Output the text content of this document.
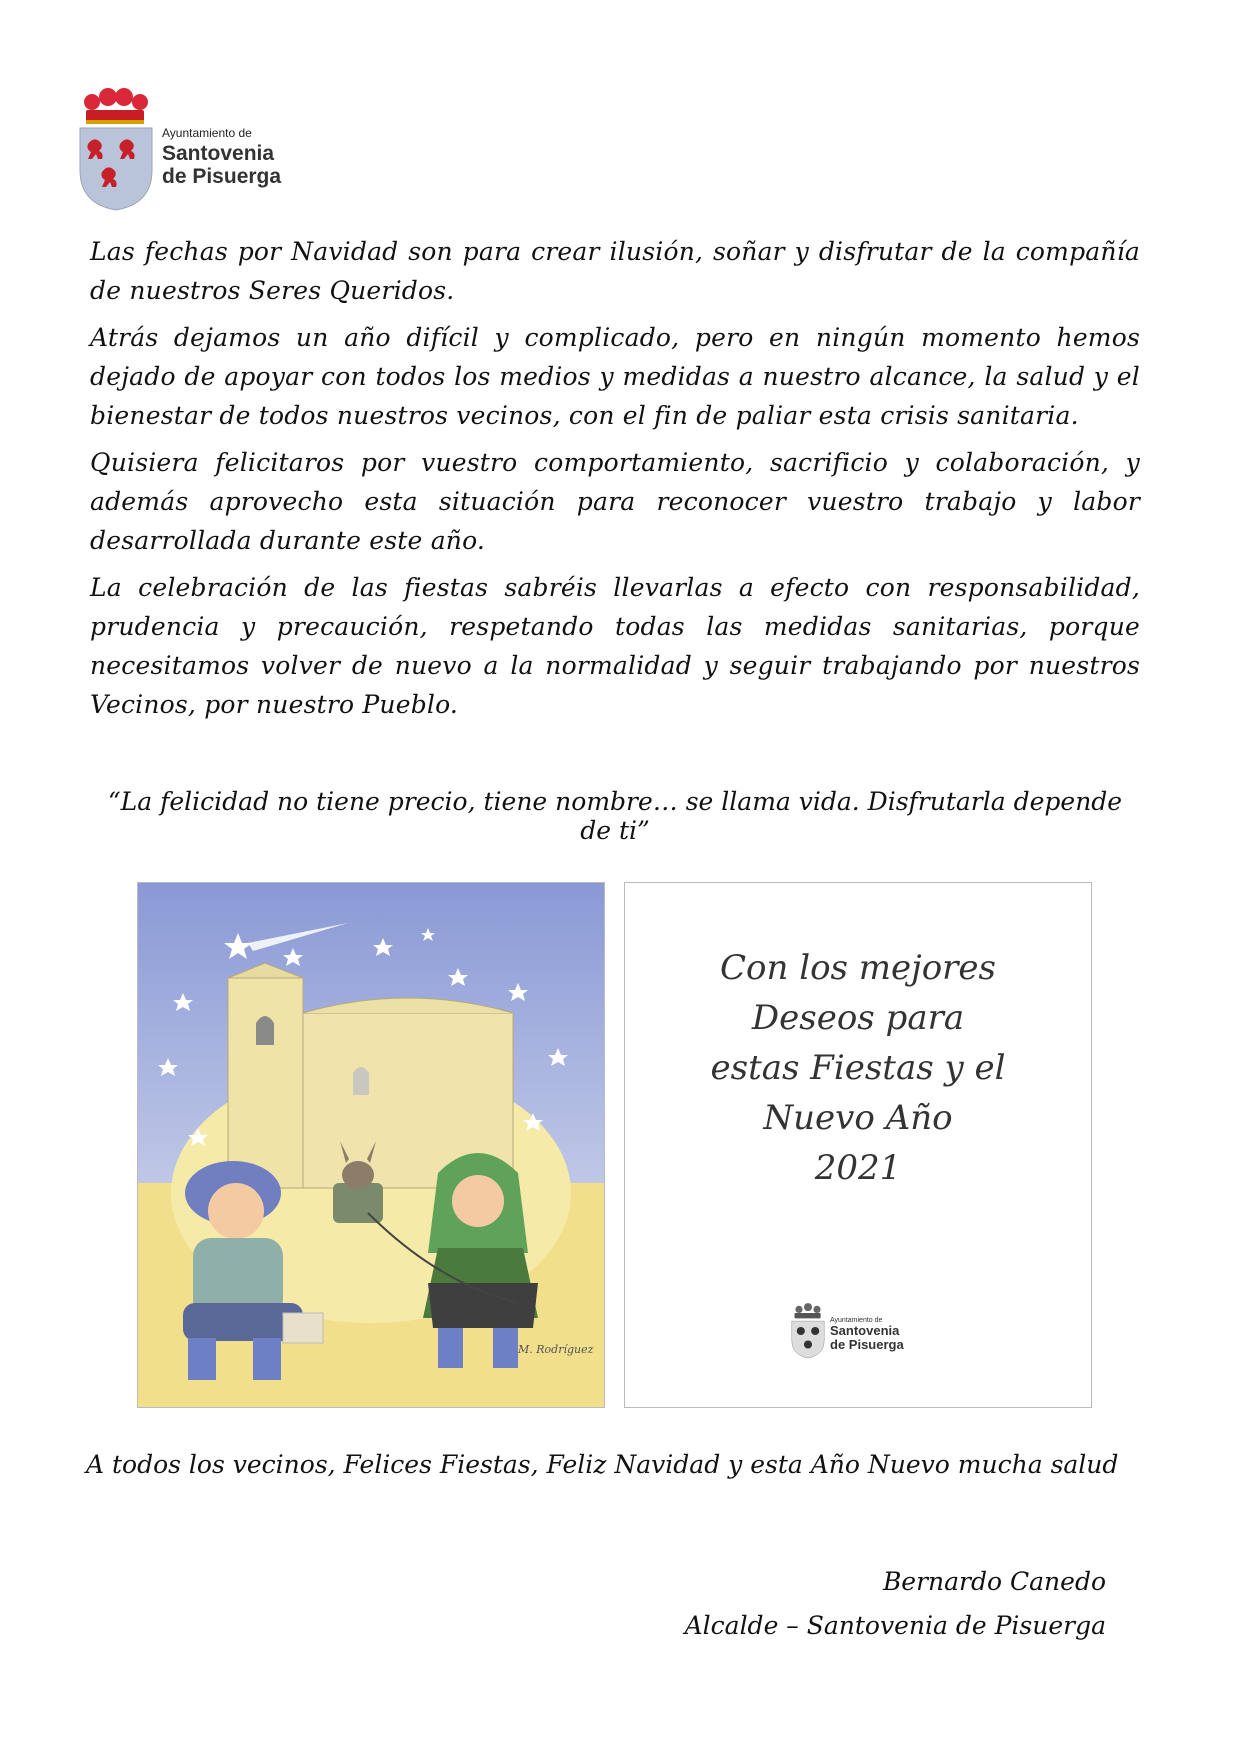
Ayuntamiento de
Santovenia
de Pisuerga

Las fechas por Navidad son para crear ilusión, soñar y disfrutar de la compañía de nuestros Seres Queridos.

Atrás dejamos un año difícil y complicado, pero en ningún momento hemos dejado de apoyar con todos los medios y medidas a nuestro alcance, la salud y el bienestar de todos nuestros vecinos, con el fin de paliar esta crisis sanitaria.

Quisiera felicitaros por vuestro comportamiento, sacrificio y colaboración, y además aprovecho esta situación para reconocer vuestro trabajo y labor desarrollada durante este año.

La celebración de las fiestas sabréis llevarlas a efecto con responsabilidad, prudencia y precaución, respetando todas las medidas sanitarias, porque necesitamos volver de nuevo a la normalidad y seguir trabajando por nuestros Vecinos, por nuestro Pueblo.

“La felicidad no tiene precio, tiene nombre… se llama vida. Disfrutarla depende de ti”
M. Rodríguez
Con los mejores
Deseos para
estas Fiestas y el
Nuevo Año
2021
Ayuntamiento de
Santovenia
de Pisuerga
A todos los vecinos, Felices Fiestas, Feliz Navidad y esta Año Nuevo mucha salud
Bernardo Canedo
Alcalde – Santovenia de Pisuerga
